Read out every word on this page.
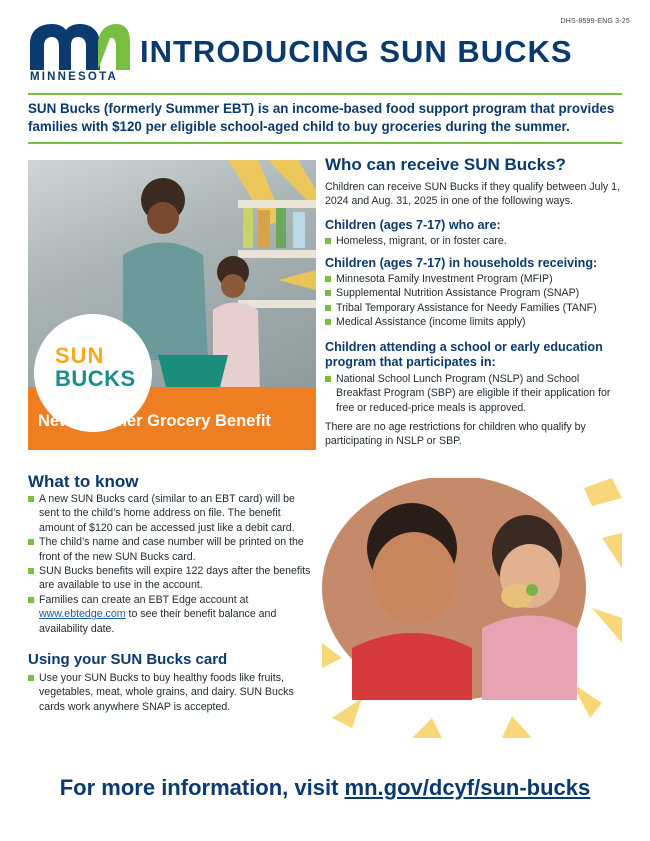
DHS-8599-ENG 3-25
MINNESOTA
INTRODUCING SUN BUCKS
SUN Bucks (formerly Summer EBT) is an income-based food support program that provides families with $120 per eligible school-aged child to buy groceries during the summer.
SUN
BUCKS
New Summer Grocery Benefit
Who can receive SUN Bucks?
Children can receive SUN Bucks if they qualify between July 1, 2024 and Aug. 31, 2025 in one of the following ways.
Children (ages 7-17) who are:
Homeless, migrant, or in foster care.
Children (ages 7-17) in households receiving:
Minnesota Family Investment Program (MFIP)
Supplemental Nutrition Assistance Program (SNAP)
Tribal Temporary Assistance for Needy Families (TANF)
Medical Assistance (income limits apply)
Children attending a school or early education program that participates in:
National School Lunch Program (NSLP) and School Breakfast Program (SBP) are eligible if their application for free or reduced-price meals is approved.
There are no age restrictions for children who qualify by participating in NSLP or SBP.
What to know
A new SUN Bucks card (similar to an EBT card) will be sent to the child’s home address on file. The benefit amount of $120 can be accessed just like a debit card.
The child’s name and case number will be printed on the front of the new SUN Bucks card.
SUN Bucks benefits will expire 122 days after the benefits are available to use in the account.
Families can create an EBT Edge account at www.ebtedge.com to see their benefit balance and availability date.
Using your SUN Bucks card
Use your SUN Bucks to buy healthy foods like fruits, vegetables, meat, whole grains, and dairy. SUN Bucks cards work anywhere SNAP is accepted.
For more information, visit mn.gov/dcyf/sun-bucks
